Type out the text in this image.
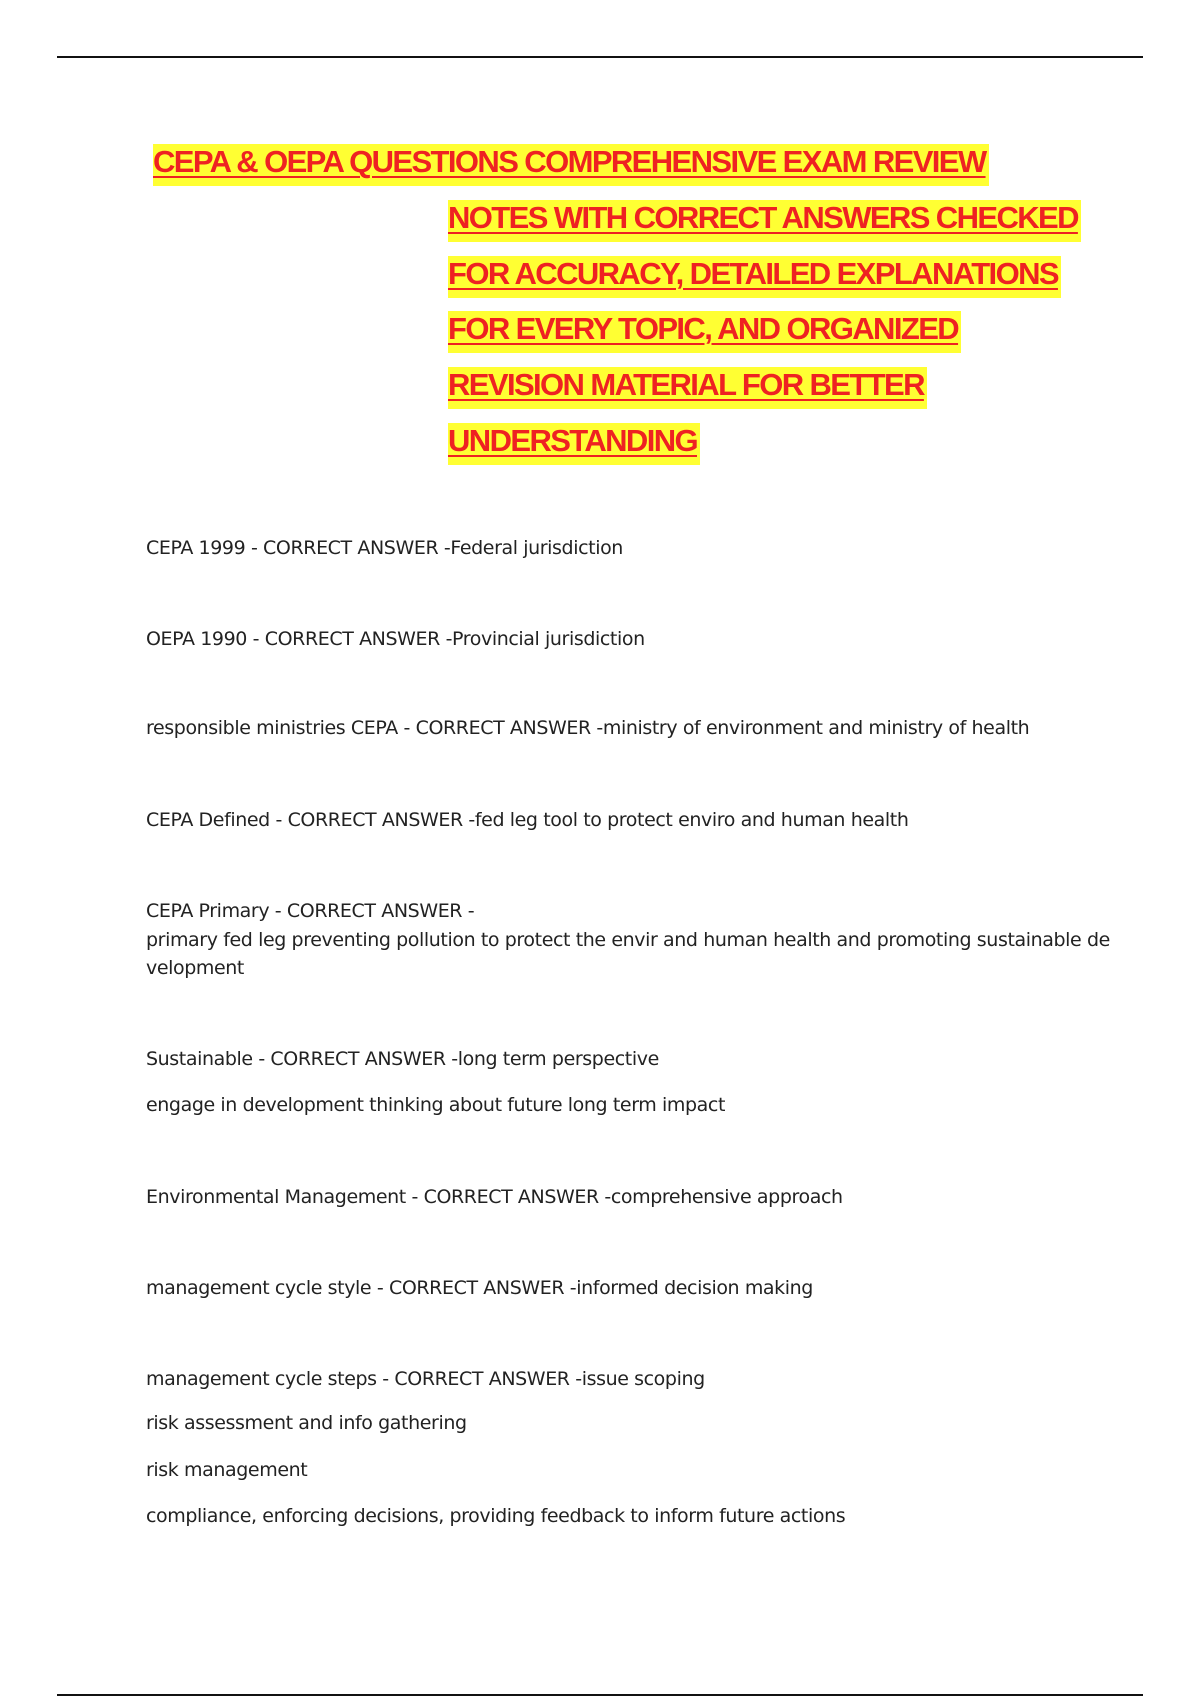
CEPA & OEPA QUESTIONS COMPREHENSIVE EXAM REVIEW
NOTES WITH CORRECT ANSWERS CHECKED
FOR ACCURACY, DETAILED EXPLANATIONS
FOR EVERY TOPIC, AND ORGANIZED
REVISION MATERIAL FOR BETTER
UNDERSTANDING
CEPA 1999 - CORRECT ANSWER -Federal jurisdiction
OEPA 1990 - CORRECT ANSWER -Provincial jurisdiction
responsible ministries CEPA - CORRECT ANSWER -ministry of environment and ministry of health
CEPA Defined - CORRECT ANSWER -fed leg tool to protect enviro and human health
CEPA Primary - CORRECT ANSWER -
primary fed leg preventing pollution to protect the envir and human health and promoting sustainable de
velopment
Sustainable - CORRECT ANSWER -long term perspective
engage in development thinking about future long term impact
Environmental Management - CORRECT ANSWER -comprehensive approach
management cycle style - CORRECT ANSWER -informed decision making
management cycle steps - CORRECT ANSWER -issue scoping
risk assessment and info gathering
risk management
compliance, enforcing decisions, providing feedback to inform future actions
